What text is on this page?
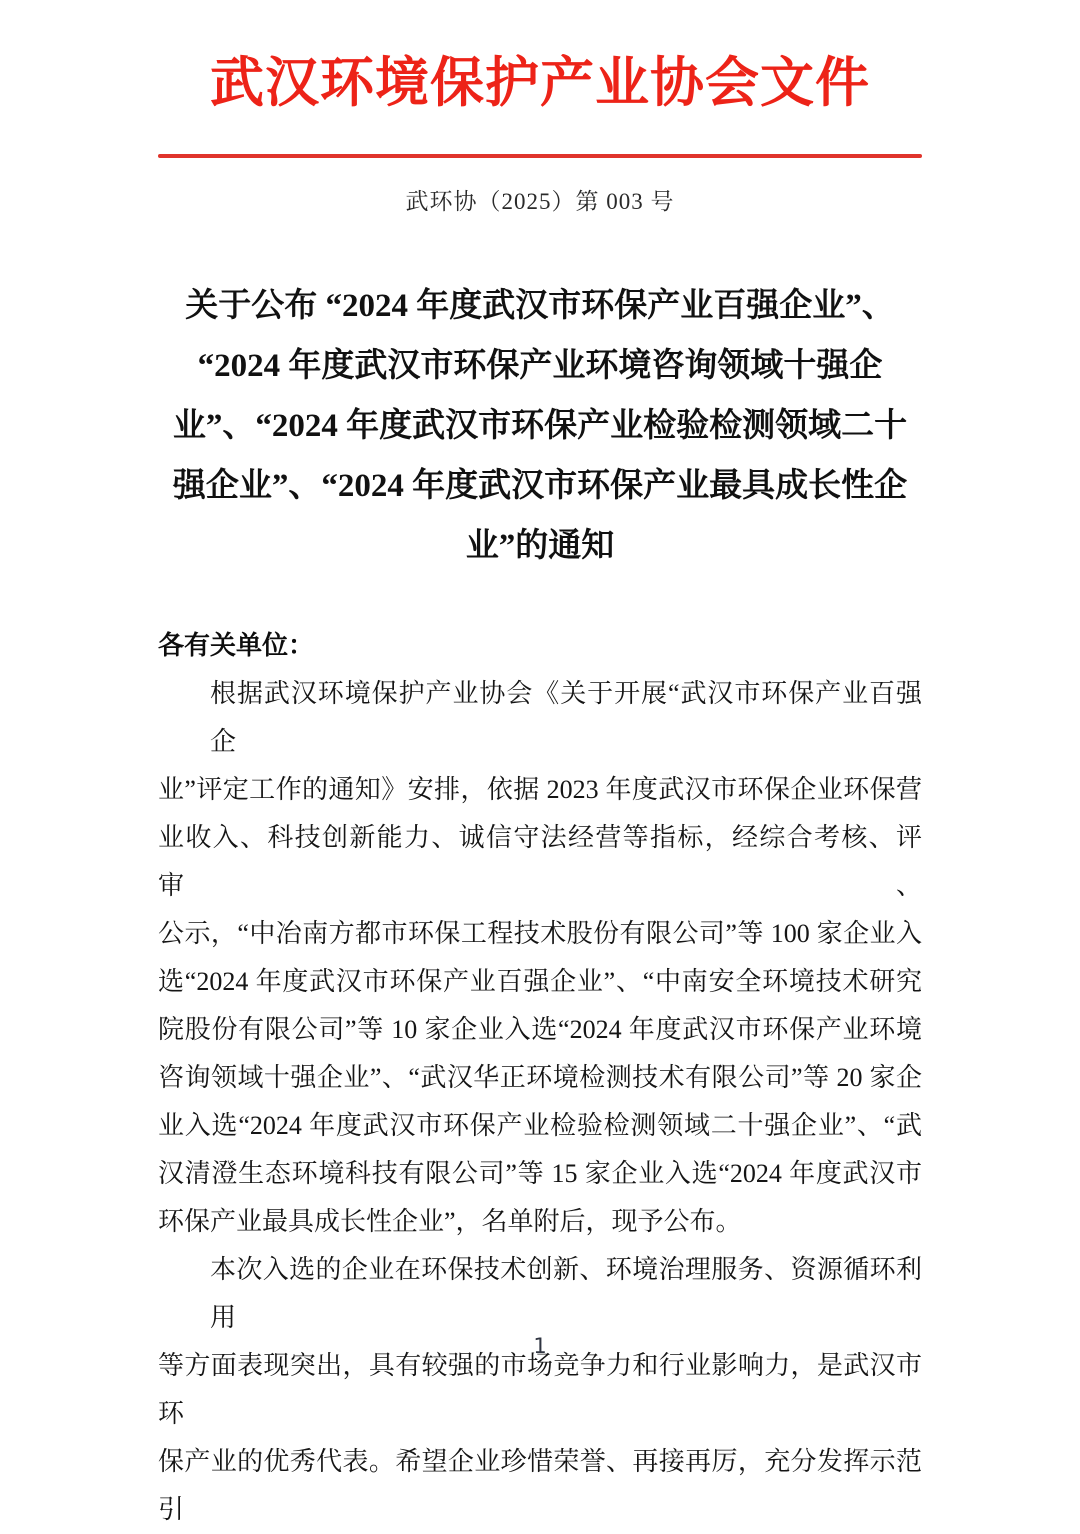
武汉环境保护产业协会文件
武环协（2025）第 003 号
关于公布 “2024 年度武汉市环保产业百强企业”、
“2024 年度武汉市环保产业环境咨询领域十强企
业”、“2024 年度武汉市环保产业检验检测领域二十
强企业”、“2024 年度武汉市环保产业最具成长性企
业”的通知
各有关单位：
根据武汉环境保护产业协会《关于开展“武汉市环保产业百强企
业”评定工作的通知》安排，依据 2023 年度武汉市环保企业环保营
业收入、科技创新能力、诚信守法经营等指标，经综合考核、评审、
公示，“中冶南方都市环保工程技术股份有限公司”等 100 家企业入
选“2024 年度武汉市环保产业百强企业”、“中南安全环境技术研究
院股份有限公司”等 10 家企业入选“2024 年度武汉市环保产业环境
咨询领域十强企业”、“武汉华正环境检测技术有限公司”等 20 家企
业入选“2024 年度武汉市环保产业检验检测领域二十强企业”、“武
汉清澄生态环境科技有限公司”等 15 家企业入选“2024 年度武汉市
环保产业最具成长性企业”，名单附后，现予公布。
本次入选的企业在环保技术创新、环境治理服务、资源循环利用
等方面表现突出，具有较强的市场竞争力和行业影响力，是武汉市环
保产业的优秀代表。希望企业珍惜荣誉、再接再厉，充分发挥示范引
1
